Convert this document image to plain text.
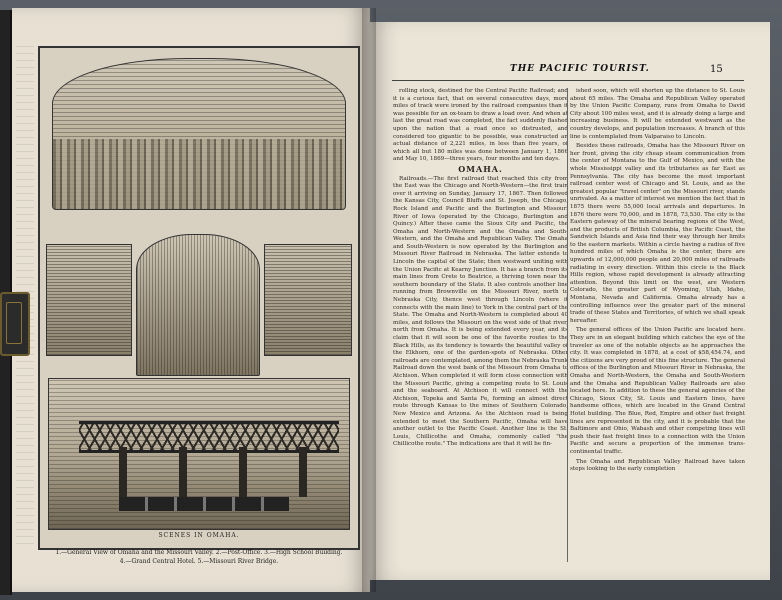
SCENES IN OMAHA.
1.—General View of Omaha and the Missouri Valley. 2.—Post-Office. 3.—High School Building.
4.—Grand Central Hotel. 5.—Missouri River Bridge.
THE PACIFIC TOURIST.	15

rolling stock, destined for the Central Pacific Railroad; and it is a curious fact, that on several consecutive days, more miles of track were ironed by the railroad companies than it was possible for an ox-team to draw a load over. And when at last the great road was completed, the fact suddenly flashed upon the nation that a road once so distrusted, and considered too gigantic to be possible, was constructed an actual distance of 2,221 miles, in less than five years, of which all but 180 miles was done between January 1, 1866 and May 10, 1869—three years, four months and ten days.

OMAHA.

Railroads.—The first railroad that reached this city from the East was the Chicago and North-Western—the first train over it arriving on Sunday, January 17, 1867. Then followed the Kansas City, Council Bluffs and St. Joseph, the Chicago, Rock Island and Pacific and the Burlington and Missouri River of Iowa (operated by the Chicago, Burlington and Quincy.) After these came the Sioux City and Pacific, the Omaha and North-Western and the Omaha and South-Western, and the Omaha and Republican Valley. The Omaha and South-Western is now operated by the Burlington and Missouri River Railroad in Nebraska. The latter extends to Lincoln the capital of the State; then westward uniting with the Union Pacific at Kearny Junction. It has a branch from its main lines from Crete to Beatrice, a thriving town near the southern boundary of the State. It also controls another line running from Brownville on the Missouri River, north to Nebraska City, thence west through Lincoln (where it connects with the main line) to York in the central part of the State. The Omaha and North-Western is completed about 40 miles, and follows the Missouri on the west side of that river, north from Omaha. It is being extended every year, and its claim that it will soon be one of the favorite routes to the Black Hills, as its tendency is towards the beautiful valley of the Elkhorn, one of the garden-spots of Nebraska. Other railroads are contemplated, among them the Nebraska Trunk Railroad down the west bank of the Missouri from Omaha to Atchison. When completed it will form close connection with the Missouri Pacific, giving a competing route to St. Louis and the seaboard. At Atchison it will connect with the Atchison, Topeka and Santa Fe, forming an almost direct route through Kansas to the mines of Southern Colorado, New Mexico and Arizona. As the Atchison road is being extended to meet the Southern Pacific, Omaha will have another outlet to the Pacific Coast. Another line is the St. Louis, Chillicothe and Omaha, commonly called "the Chillicothe route." The indications are that it will be fin-

ished soon, which will shorten up the distance to St. Louis about 65 miles. The Omaha and Republican Valley operated by the Union Pacific Company, runs from Omaha to David City about 100 miles west, and it is already doing a large and increasing business. It will be extended westward as the country develops, and population increases. A branch of this line is contemplated from Valparaiso to Lincoln.

Besides these railroads, Omaha has the Missouri River on her front, giving the city cheap steam communication from the center of Montana to the Gulf of Mexico, and with the whole Mississippi valley and its tributaries as far East as Pennsylvania. The city has become the most important railroad center west of Chicago and St. Louis, and as the greatest popular "travel center" on the Missouri river, stands unrivaled. As a matter of interest we mention the fact that in 1875 there were 55,000 local arrivals and departures. In 1876 there were 70,000, and in 1878, 73,530. The city is the Eastern gateway of the mineral bearing regions of the West, and the products of British Columbia, the Pacific Coast, the Sandwich Islands and Asia find their way through her limits to the eastern markets. Within a circle having a radius of five hundred miles of which Omaha is the center, there are upwards of 12,000,000 people and 20,000 miles of railroads radiating in every direction. Within this circle is the Black Hills region, whose rapid development is already attracting attention. Beyond this limit on the west, are Western Colorado, the greater part of Wyoming, Utah, Idaho, Montana, Nevada and California. Omaha already has a controlling influence over the greater part of the mineral trade of these States and Territories, of which we shall speak hereafter.

The general offices of the Union Pacific are located here. They are in an elegant building which catches the eye of the traveler as one of the notable objects as he approaches the city. It was completed in 1878, at a cost of $58,454.74, and the citizens are very proud of this fine structure. The general offices of the Burlington and Missouri River in Nebraska, the Omaha and North-Western, the Omaha and South-Western and the Omaha and Republican Valley Railroads are also located here. In addition to these the general agencies of the Chicago, Sioux City, St. Louis and Eastern lines, have handsome offices, which are located in the Grand Central Hotel building. The Blue, Red, Empire and other fast freight lines are represented in the city, and it is probable that the Baltimore and Ohio, Wabash and other competing lines will push their fast freight lines to a connection with the Union Pacific and secure a proportion of the immense trans-continental traffic.

The Omaha and Republican Valley Railroad have taken steps looking to the early completion
